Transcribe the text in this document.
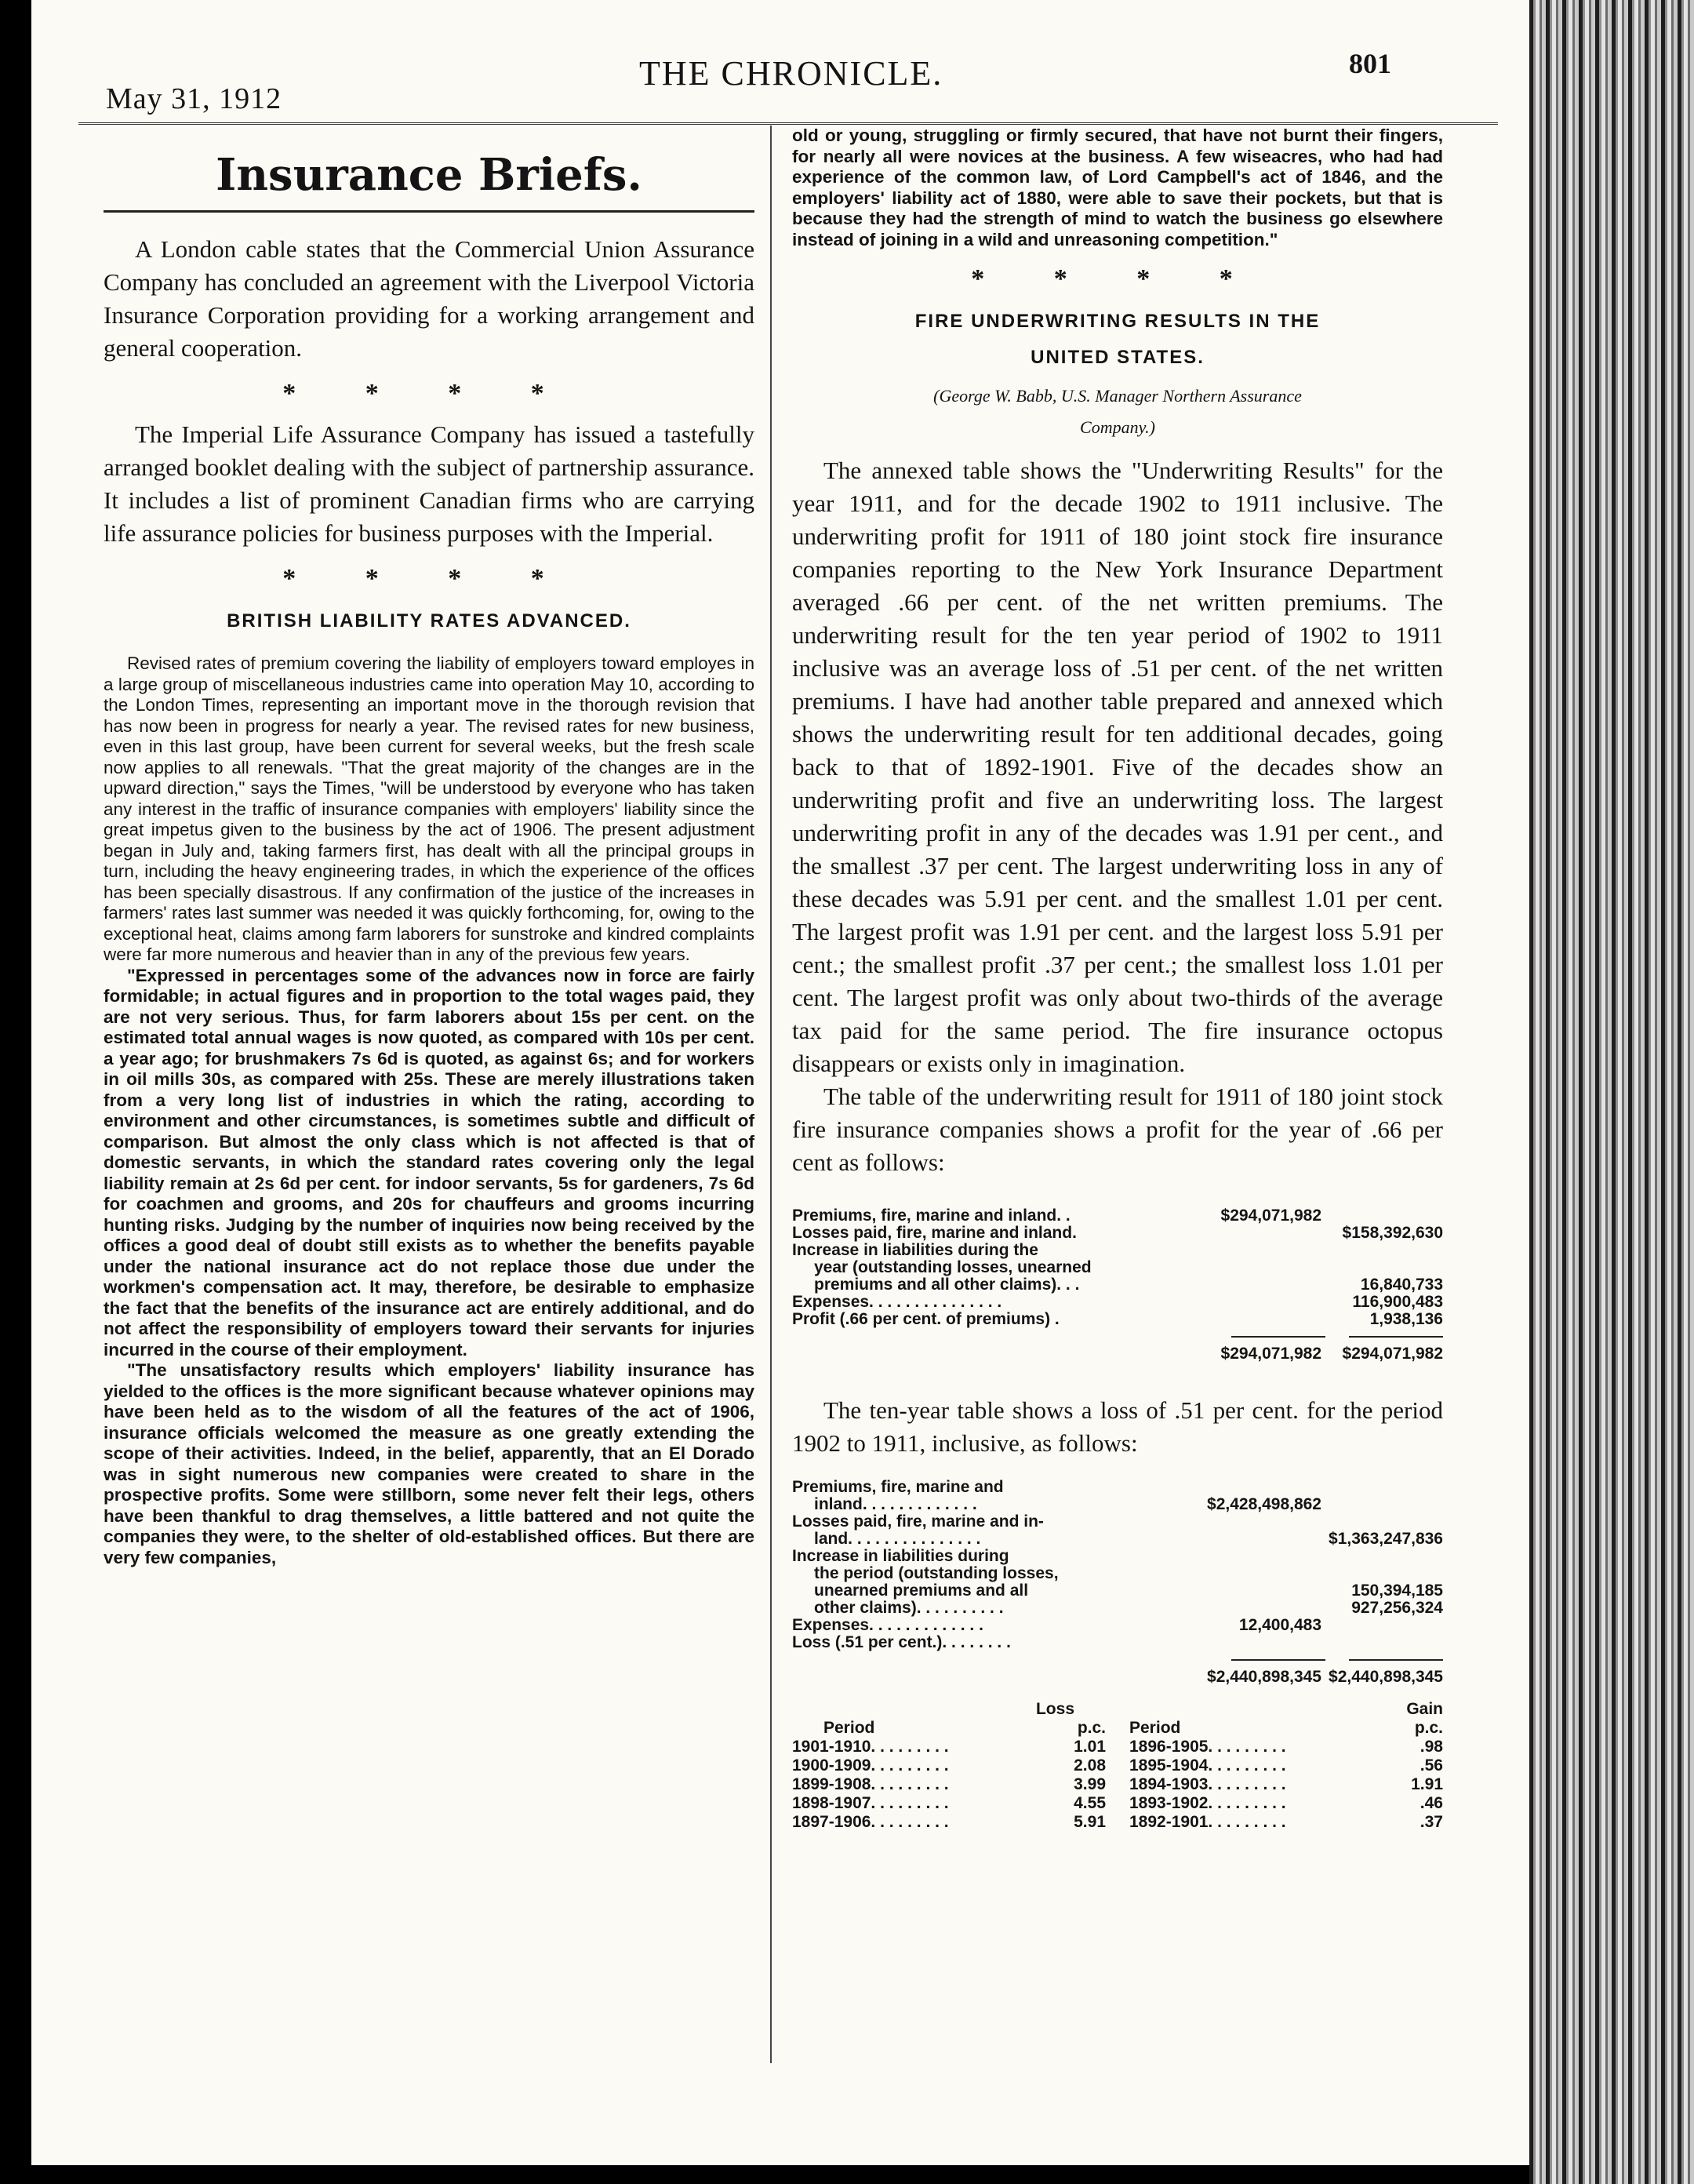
May 31, 1912
THE CHRONICLE.	801
Insurance Briefs.
A London cable states that the Commercial Union Assurance Company has concluded an agreement with the Liverpool Victoria Insurance Corporation providing for a working arrangement and general cooperation.
* * * *
The Imperial Life Assurance Company has issued a tastefully arranged booklet dealing with the subject of partnership assurance. It includes a list of prominent Canadian firms who are carrying life assurance policies for business purposes with the Imperial.
* * * *
BRITISH LIABILITY RATES ADVANCED.
Revised rates of premium covering the liability of employers toward employes in a large group of miscellaneous industries came into operation May 10, according to the London Times, representing an important move in the thorough revision that has now been in progress for nearly a year. The revised rates for new business, even in this last group, have been current for several weeks, but the fresh scale now applies to all renewals. "That the great majority of the changes are in the upward direction," says the Times, "will be understood by everyone who has taken any interest in the traffic of insurance companies with employers' liability since the great impetus given to the business by the act of 1906. The present adjustment began in July and, taking farmers first, has dealt with all the principal groups in turn, including the heavy engineering trades, in which the experience of the offices has been specially disastrous. If any confirmation of the justice of the increases in farmers' rates last summer was needed it was quickly forthcoming, for, owing to the exceptional heat, claims among farm laborers for sunstroke and kindred complaints were far more numerous and heavier than in any of the previous few years.
"Expressed in percentages some of the advances now in force are fairly formidable; in actual figures and in proportion to the total wages paid, they are not very serious. Thus, for farm laborers about 15s per cent. on the estimated total annual wages is now quoted, as compared with 10s per cent. a year ago; for brushmakers 7s 6d is quoted, as against 6s; and for workers in oil mills 30s, as compared with 25s. These are merely illustrations taken from a very long list of industries in which the rating, according to environment and other circumstances, is sometimes subtle and difficult of comparison. But almost the only class which is not affected is that of domestic servants, in which the standard rates covering only the legal liability remain at 2s 6d per cent. for indoor servants, 5s for gardeners, 7s 6d for coachmen and grooms, and 20s for chauffeurs and grooms incurring hunting risks. Judging by the number of inquiries now being received by the offices a good deal of doubt still exists as to whether the benefits payable under the national insurance act do not replace those due under the workmen's compensation act. It may, therefore, be desirable to emphasize the fact that the benefits of the insurance act are entirely additional, and do not affect the responsibility of employers toward their servants for injuries incurred in the course of their employment.
"The unsatisfactory results which employers' liability insurance has yielded to the offices is the more significant because whatever opinions may have been held as to the wisdom of all the features of the act of 1906, insurance officials welcomed the measure as one greatly extending the scope of their activities. Indeed, in the belief, apparently, that an El Dorado was in sight numerous new companies were created to share in the prospective profits. Some were stillborn, some never felt their legs, others have been thankful to drag themselves, a little battered and not quite the companies they were, to the shelter of old-established offices. But there are very few companies,
old or young, struggling or firmly secured, that have not burnt their fingers, for nearly all were novices at the business. A few wiseacres, who had had experience of the common law, of Lord Campbell's act of 1846, and the employers' liability act of 1880, were able to save their pockets, but that is because they had the strength of mind to watch the business go elsewhere instead of joining in a wild and unreasoning competition."
* * * *
FIRE UNDERWRITING RESULTS IN THE
UNITED STATES.
(George W. Babb, U.S. Manager Northern Assurance
Company.)
The annexed table shows the "Underwriting Results" for the year 1911, and for the decade 1902 to 1911 inclusive. The underwriting profit for 1911 of 180 joint stock fire insurance companies reporting to the New York Insurance Department averaged .66 per cent. of the net written premiums. The underwriting result for the ten year period of 1902 to 1911 inclusive was an average loss of .51 per cent. of the net written premiums. I have had another table prepared and annexed which shows the underwriting result for ten additional decades, going back to that of 1892-1901. Five of the decades show an underwriting profit and five an underwriting loss. The largest underwriting profit in any of the decades was 1.91 per cent., and the smallest .37 per cent. The largest underwriting loss in any of these decades was 5.91 per cent. and the smallest 1.01 per cent. The largest profit was 1.91 per cent. and the largest loss 5.91 per cent.; the smallest profit .37 per cent.; the smallest loss 1.01 per cent. The largest profit was only about two-thirds of the average tax paid for the same period. The fire insurance octopus disappears or exists only in imagination.
The table of the underwriting result for 1911 of 180 joint stock fire insurance companies shows a profit for the year of .66 per cent as follows:
Premiums, fire, marine and inland. .	$294,071,982
Losses paid, fire, marine and inland.	$158,392,630
Increase in liabilities during the
year (outstanding losses, unearned
premiums and all other claims). . .	16,840,733
Expenses. . . . . . . . . . . . . . .	116,900,483
Profit (.66 per cent. of premiums) .	1,938,136
$294,071,982	$294,071,982
The ten-year table shows a loss of .51 per cent. for the period 1902 to 1911, inclusive, as follows:
Premiums, fire, marine and
inland. . . . . . . . . . . . .	$2,428,498,862
Losses paid, fire, marine and in-
land. . . . . . . . . . . . . . .	$1,363,247,836
Increase in liabilities during
the period (outstanding losses,
unearned premiums and all	150,394,185
other claims). . . . . . . . . .	927,256,324
Expenses. . . . . . . . . . . . .	12,400,483
Loss (.51 per cent.). . . . . . . .
$2,440,898,345 $2,440,898,345
Loss
Period	p.c.
1901-1910. . . . . . . . .	1.01
1900-1909. . . . . . . . .	2.08
1899-1908. . . . . . . . .	3.99
1898-1907. . . . . . . . .	4.55
1897-1906. . . . . . . . .	5.91
Gain
Period	p.c.
1896-1905. . . . . . . . .	.98
1895-1904. . . . . . . . .	.56
1894-1903. . . . . . . . .	1.91
1893-1902. . . . . . . . .	.46
1892-1901. . . . . . . . .	.37
